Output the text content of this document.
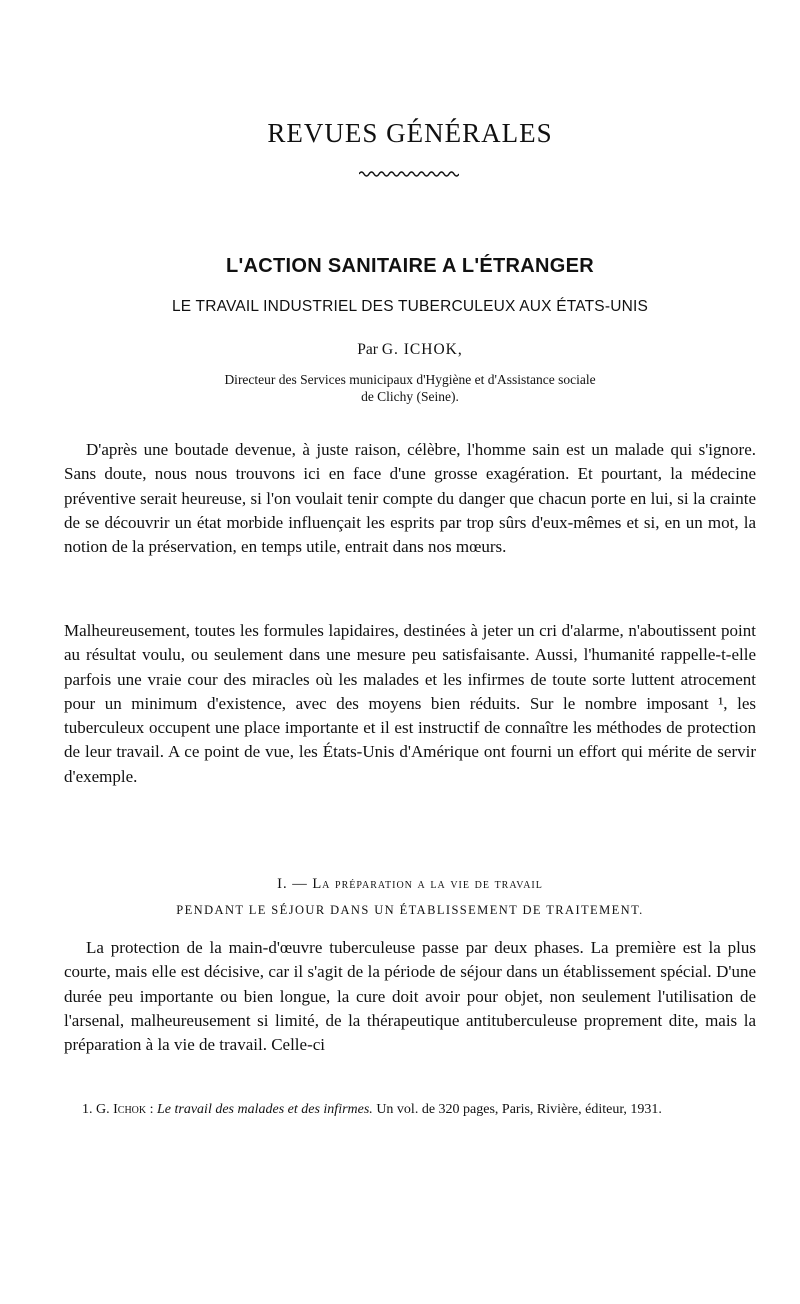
REVUES GÉNÉRALES
L'ACTION SANITAIRE A L'ÉTRANGER
LE TRAVAIL INDUSTRIEL DES TUBERCULEUX AUX ÉTATS-UNIS
Par G. ICHOK,
Directeur des Services municipaux d'Hygiène et d'Assistance sociale
de Clichy (Seine).

D'après une boutade devenue, à juste raison, célèbre, l'homme sain est un malade qui s'ignore. Sans doute, nous nous trouvons ici en face d'une grosse exagération. Et pourtant, la médecine préventive serait heureuse, si l'on voulait tenir compte du danger que chacun porte en lui, si la crainte de se découvrir un état morbide influençait les esprits par trop sûrs d'eux-mêmes et si, en un mot, la notion de la préservation, en temps utile, entrait dans nos mœurs.

Malheureusement, toutes les formules lapidaires, destinées à jeter un cri d'alarme, n'aboutissent point au résultat voulu, ou seulement dans une mesure peu satisfaisante. Aussi, l'humanité rappelle-t-elle parfois une vraie cour des miracles où les malades et les infirmes de toute sorte luttent atrocement pour un minimum d'existence, avec des moyens bien réduits. Sur le nombre imposant ¹, les tuberculeux occupent une place importante et il est instructif de connaître les méthodes de protection de leur travail. A ce point de vue, les États-Unis d'Amérique ont fourni un effort qui mérite de servir d'exemple.

I. — La préparation a la vie de travail
PENDANT LE SÉJOUR DANS UN ÉTABLISSEMENT DE TRAITEMENT.

La protection de la main-d'œuvre tuberculeuse passe par deux phases. La première est la plus courte, mais elle est décisive, car il s'agit de la période de séjour dans un établissement spécial. D'une durée peu importante ou bien longue, la cure doit avoir pour objet, non seulement l'utilisation de l'arsenal, malheureusement si limité, de la thérapeutique antituberculeuse proprement dite, mais la préparation à la vie de travail. Celle-ci

1. G. Ichok : Le travail des malades et des infirmes. Un vol. de 320 pages, Paris, Rivière, éditeur, 1931.
